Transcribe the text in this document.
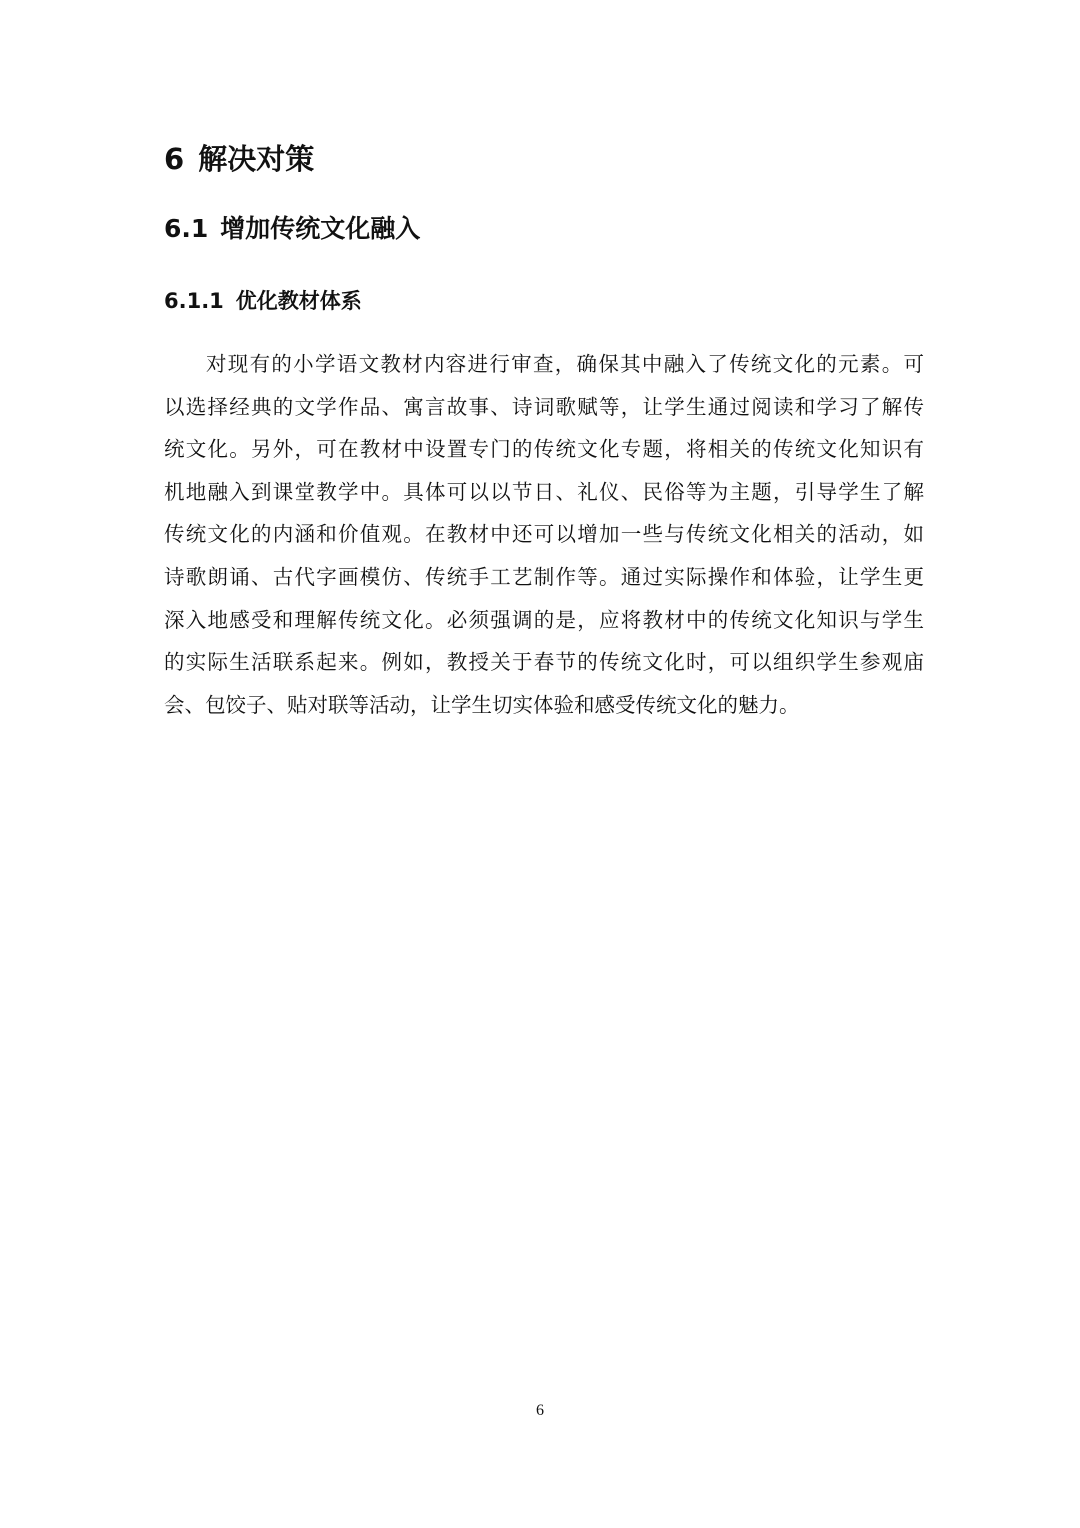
6 解决对策
6.1 增加传统文化融入
6.1.1 优化教材体系
对现有的小学语文教材内容进行审查，确保其中融入了传统文化的元素。可
以选择经典的文学作品、寓言故事、诗词歌赋等，让学生通过阅读和学习了解传
统文化。另外，可在教材中设置专门的传统文化专题，将相关的传统文化知识有
机地融入到课堂教学中。具体可以以节日、礼仪、民俗等为主题，引导学生了解
传统文化的内涵和价值观。在教材中还可以增加一些与传统文化相关的活动，如
诗歌朗诵、古代字画模仿、传统手工艺制作等。通过实际操作和体验，让学生更
深入地感受和理解传统文化。必须强调的是，应将教材中的传统文化知识与学生
的实际生活联系起来。例如，教授关于春节的传统文化时，可以组织学生参观庙
会、包饺子、贴对联等活动，让学生切实体验和感受传统文化的魅力。
6
